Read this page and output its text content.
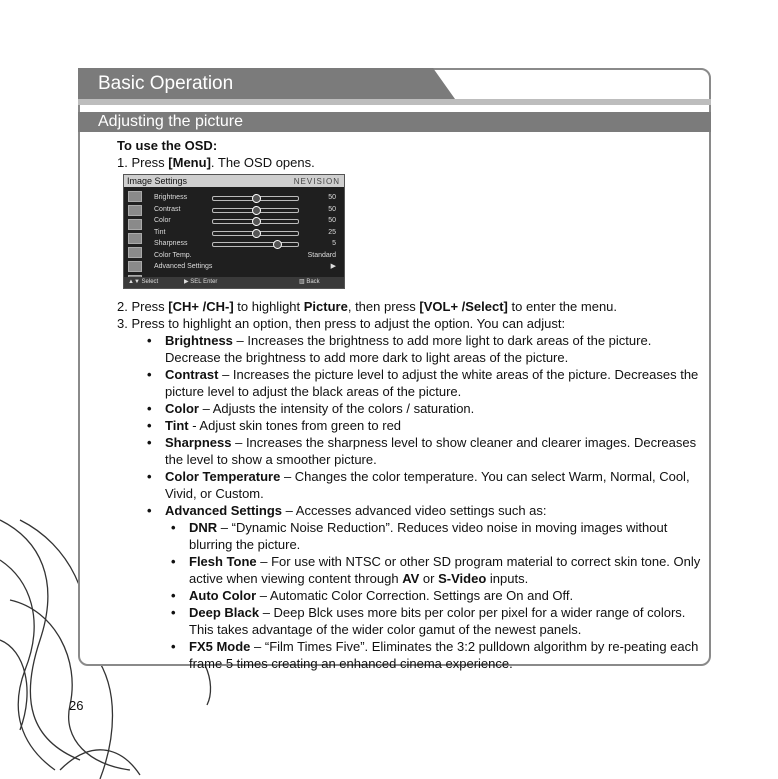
Basic Operation
Adjusting the picture

To use the OSD:

1. Press [Menu]. The OSD opens.

Image Settings	NEVISION
Brightness	50
Contrast	50
Color	50
Tint	25
Sharpness	5
Color Temp.	Standard
Advanced Settings	▶
▲▼ Select	▶ SEL Enter	▥ Back

2. Press [CH+ /CH-] to highlight Picture, then press [VOL+ /Select] to enter the menu.

3. Press to highlight an option, then press to adjust the option. You can adjust:

• Brightness – Increases the brightness to add more light to dark areas of the picture. Decrease the brightness to add more dark to light areas of the picture.
• Contrast – Increases the picture level to adjust the white areas of the picture. Decreases the picture level to adjust the black areas of the picture.
• Color – Adjusts the intensity of the colors / saturation.
• Tint - Adjust skin tones from green to red
• Sharpness – Increases the sharpness level to show cleaner and clearer images. Decreases the level to show a smoother picture.
• Color Temperature – Changes the color temperature. You can select Warm, Normal, Cool, Vivid, or Custom.
• Advanced Settings – Accesses advanced video settings such as:
• DNR – “Dynamic Noise Reduction”. Reduces video noise in moving images without blurring the picture.
• Flesh Tone – For use with NTSC or other SD program material to correct skin tone. Only active when viewing content through AV or S-Video inputs.
• Auto Color – Automatic Color Correction. Settings are On and Off.
• Deep Black – Deep Blck uses more bits per color per pixel for a wider range of colors. This takes advantage of the wider color gamut of the newest panels.
• FX5 Mode – “Film Times Five”. Eliminates the 3:2 pulldown algorithm by re-peating each frame 5 times creating an enhanced cinema experience.
26
